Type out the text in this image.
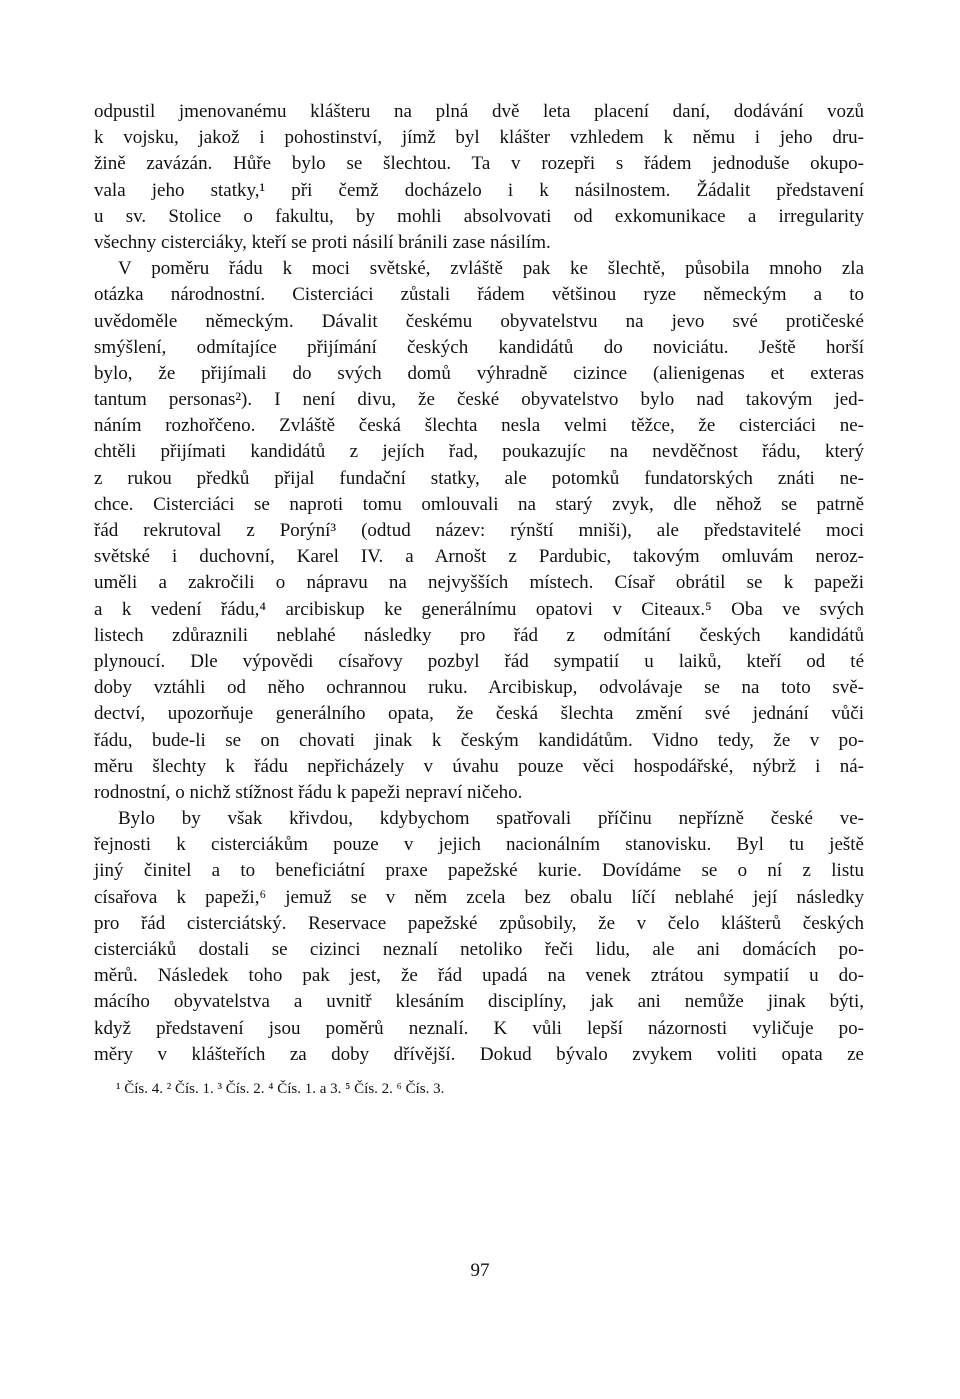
odpustil jmenovanému klášteru na plná dvě leta placení daní, dodávání vozů
k vojsku, jakož i pohostinství, jímž byl klášter vzhledem k němu i jeho dru-
žině zavázán. Hůře bylo se šlechtou. Ta v rozepři s řádem jednoduše okupo-
vala jeho statky,¹ při čemž docházelo i k násilnostem. Žádalit představení
u sv. Stolice o fakultu, by mohli absolvovati od exkomunikace a irregularity
všechny cisterciáky, kteří se proti násilí bránili zase násilím.
V poměru řádu k moci světské, zvláště pak ke šlechtě, působila mnoho zla
otázka národnostní. Cisterciáci zůstali řádem většinou ryze německým a to
uvědoměle německým. Dávalit českému obyvatelstvu na jevo své protičeské
smýšlení, odmítajíce přijímání českých kandidátů do noviciátu. Ještě horší
bylo, že přijímali do svých domů výhradně cizince (alienigenas et exteras
tantum personas²). I není divu, že české obyvatelstvo bylo nad takovým jed-
náním rozhořčeno. Zvláště česká šlechta nesla velmi těžce, že cisterciáci ne-
chtěli přijímati kandidátů z jejích řad, poukazujíc na nevděčnost řádu, který
z rukou předků přijal fundační statky, ale potomků fundatorských znáti ne-
chce. Cisterciáci se naproti tomu omlouvali na starý zvyk, dle něhož se patrně
řád rekrutoval z Porýní³ (odtud název: rýnští mniši), ale představitelé moci
světské i duchovní, Karel IV. a Arnošt z Pardubic, takovým omluvám neroz-
uměli a zakročili o nápravu na nejvyšších místech. Císař obrátil se k papeži
a k vedení řádu,⁴ arcibiskup ke generálnímu opatovi v Citeaux.⁵ Oba ve svých
listech zdůraznili neblahé následky pro řád z odmítání českých kandidátů
plynoucí. Dle výpovědi císařovy pozbyl řád sympatií u laiků, kteří od té
doby vztáhli od něho ochrannou ruku. Arcibiskup, odvolávaje se na toto svě-
dectví, upozorňuje generálního opata, že česká šlechta změní své jednání vůči
řádu, bude-li se on chovati jinak k českým kandidátům. Vidno tedy, že v po-
měru šlechty k řádu nepřicházely v úvahu pouze věci hospodářské, nýbrž i ná-
rodnostní, o nichž stížnost řádu k papeži nepraví ničeho.
Bylo by však křivdou, kdybychom spatřovali příčinu nepřízně české ve-
řejnosti k cisterciákům pouze v jejich nacionálním stanovisku. Byl tu ještě
jiný činitel a to beneficiátní praxe papežské kurie. Dovídáme se o ní z listu
císařova k papeži,⁶ jemuž se v něm zcela bez obalu líčí neblahé její následky
pro řád cisterciátský. Reservace papežské způsobily, že v čelo klášterů českých
cisterciáků dostali se cizinci neznalí netoliko řeči lidu, ale ani domácích po-
měrů. Následek toho pak jest, že řád upadá na venek ztrátou sympatií u do-
mácího obyvatelstva a uvnitř klesáním disciplíny, jak ani nemůže jinak býti,
když představení jsou poměrů neznalí. K vůli lepší názornosti vyličuje po-
měry v klášteřích za doby dřívější. Dokud bývalo zvykem voliti opata ze
¹ Čís. 4. ² Čís. 1. ³ Čís. 2. ⁴ Čís. 1. a 3. ⁵ Čís. 2. ⁶ Čís. 3.
97
